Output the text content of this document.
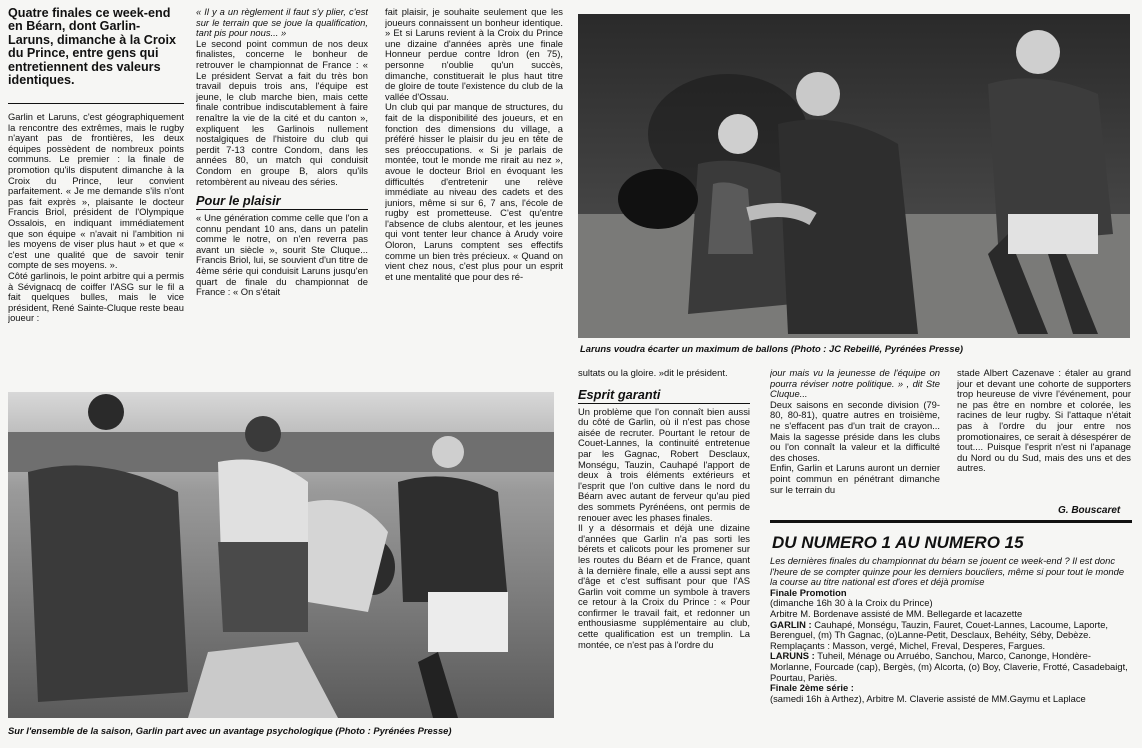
Quatre finales ce week-end en Béarn, dont Garlin-Laruns, dimanche à la Croix du Prince, entre gens qui entretiennent des valeurs identiques.

Garlin et Laruns, c'est géographiquement la rencontre des extrêmes, mais le rugby n'ayant pas de frontières, les deux équipes possèdent de nombreux points communs. Le premier : la finale de promotion qu'ils disputent dimanche à la Croix du Prince, leur convient parfaitement. « Je me demande s'ils n'ont pas fait exprès », plaisante le docteur Francis Briol, président de l'Olympique Ossalois, en indiquant immédiatement que son équipe « n'avait ni l'ambition ni les moyens de viser plus haut » et que « c'est une qualité que de savoir tenir compte de ses moyens. ».

Côté garlinois, le point arbitre qui a permis à Sévignacq de coiffer l'ASG sur le fil a fait quelques bulles, mais le vice président, René Sainte-Cluque reste beau joueur :

« Il y a un règlement il faut s'y plier, c'est sur le terrain que se joue la qualification, tant pis pour nous... »

Le second point commun de nos deux finalistes, concerne le bonheur de retrouver le championnat de France : « Le président Servat a fait du très bon travail depuis trois ans, l'équipe est jeune, le club marche bien, mais cette finale contribue indiscutablement à faire renaître la vie de la cité et du canton », expliquent les Garlinois nullement nostalgiques de l'histoire du club qui perdit 7-13 contre Condom, dans les années 80, un match qui conduisit Condom en groupe B, alors qu'ils retombèrent au niveau des séries.

Pour le plaisir

« Une génération comme celle que l'on a connu pendant 10 ans, dans un patelin comme le notre, on n'en reverra pas avant un siècle », sourit Ste Cluque... Francis Briol, lui, se souvient d'un titre de 4ème série qui conduisit Laruns jusqu'en quart de finale du championnat de France : « On s'était

fait plaisir, je souhaite seulement que les joueurs connaissent un bonheur identique. » Et si Laruns revient à la Croix du Prince une dizaine d'années après une finale Honneur perdue contre Idron (en 75), personne n'oublie qu'un succès, dimanche, constituerait le plus haut titre de gloire de toute l'existence du club de la vallée d'Ossau.

Un club qui par manque de structures, du fait de la disponibilité des joueurs, et en fonction des dimensions du village, a préféré hisser le plaisir du jeu en tête de ses préoccupations. « Si je parlais de montée, tout le monde me rirait au nez », avoue le docteur Briol en évoquant les difficultés d'entretenir une relève immédiate au niveau des cadets et des juniors, même si sur 6, 7 ans, l'école de rugby est prometteuse. C'est qu'entre l'absence de clubs alentour, et les jeunes qui vont tenter leur chance à Arudy voire Oloron, Laruns comptent ses effectifs comme un bien très précieux. « Quand on vient chez nous, c'est plus pour un esprit et une mentalité que pour des ré-

Laruns voudra écarter un maximum de ballons (Photo : JC Rebeillé, Pyrénées Presse)
Sur l'ensemble de la saison, Garlin part avec un avantage psychologique (Photo : Pyrénées Presse)

sultats ou la gloire. »dit le président.

Esprit garanti

Un problème que l'on connaît bien aussi du côté de Garlin, où il n'est pas chose aisée de recruter. Pourtant le retour de Couet-Lannes, la continuité entretenue par les Gagnac, Robert Desclaux, Monségu, Tauzin, Cauhapé l'apport de deux à trois éléments extérieurs et l'esprit que l'on cultive dans le nord du Béarn avec autant de ferveur qu'au pied des sommets Pyrénéens, ont permis de renouer avec les phases finales.

Il y a désormais et déjà une dizaine d'années que Garlin n'a pas sorti les bérets et calicots pour les promener sur les routes du Béarn et de France, quant à la dernière finale, elle a aussi sept ans d'âge et c'est suffisant pour que l'AS Garlin voit comme un symbole à travers ce retour à la Croix du Prince : « Pour confirmer le travail fait, et redonner un enthousiasme supplémentaire au club, cette qualification est un tremplin. La montée, ce n'est pas à l'ordre du

jour mais vu la jeunesse de l'équipe on pourra réviser notre politique. » , dit Ste Cluque...

Deux saisons en seconde division (79-80, 80-81), quatre autres en troisième, ne s'effacent pas d'un trait de crayon... Mais la sagesse préside dans les clubs ou l'on connaît la valeur et la difficulté des choses.

Enfin, Garlin et Laruns auront un dernier point commun en pénétrant dimanche sur le terrain du

stade Albert Cazenave : étaler au grand jour et devant une cohorte de supporters trop heureuse de vivre l'événement, pour ne pas être en nombre et colorée, les racines de leur rugby. Si l'attaque n'était pas à l'ordre du jour entre nos promotionaires, ce serait à désespérer de tout.... Puisque l'esprit n'est ni l'apanage du Nord ou du Sud, mais des uns et des autres.

G. Bouscaret
DU NUMERO 1 AU NUMERO 15

Les dernières finales du championnat du béarn se jouent ce week-end ? Il est donc l'heure de se compter quinze pour les derniers boucliers, même si pour tout le monde la course au titre national est d'ores et déjà promise

Finale Promotion

(dimanche 16h 30 à la Croix du Prince)

Arbitre M. Bordenave assisté de MM. Bellegarde et lacazette

GARLIN : Cauhapé, Monségu, Tauzin, Fauret, Couet-Lannes, Lacoume, Laporte, Berenguel, (m) Th Gagnac, (o)Lanne-Petit, Desclaux, Behéity, Séby, Debèze. Remplaçants : Masson, vergé, Michel, Freval, Desperes, Fargues.

LARUNS : Tuheil, Ménage ou Arruébo, Sanchou, Marco, Canonge, Hondère-Morlanne, Fourcade (cap), Bergès, (m) Alcorta, (o) Boy, Claverie, Frotté, Casadebaigt, Pourtau, Pariès.

Finale 2ème série :

(samedi 16h à Arthez), Arbitre M. Claverie assisté de MM.Gaymu et Laplace
